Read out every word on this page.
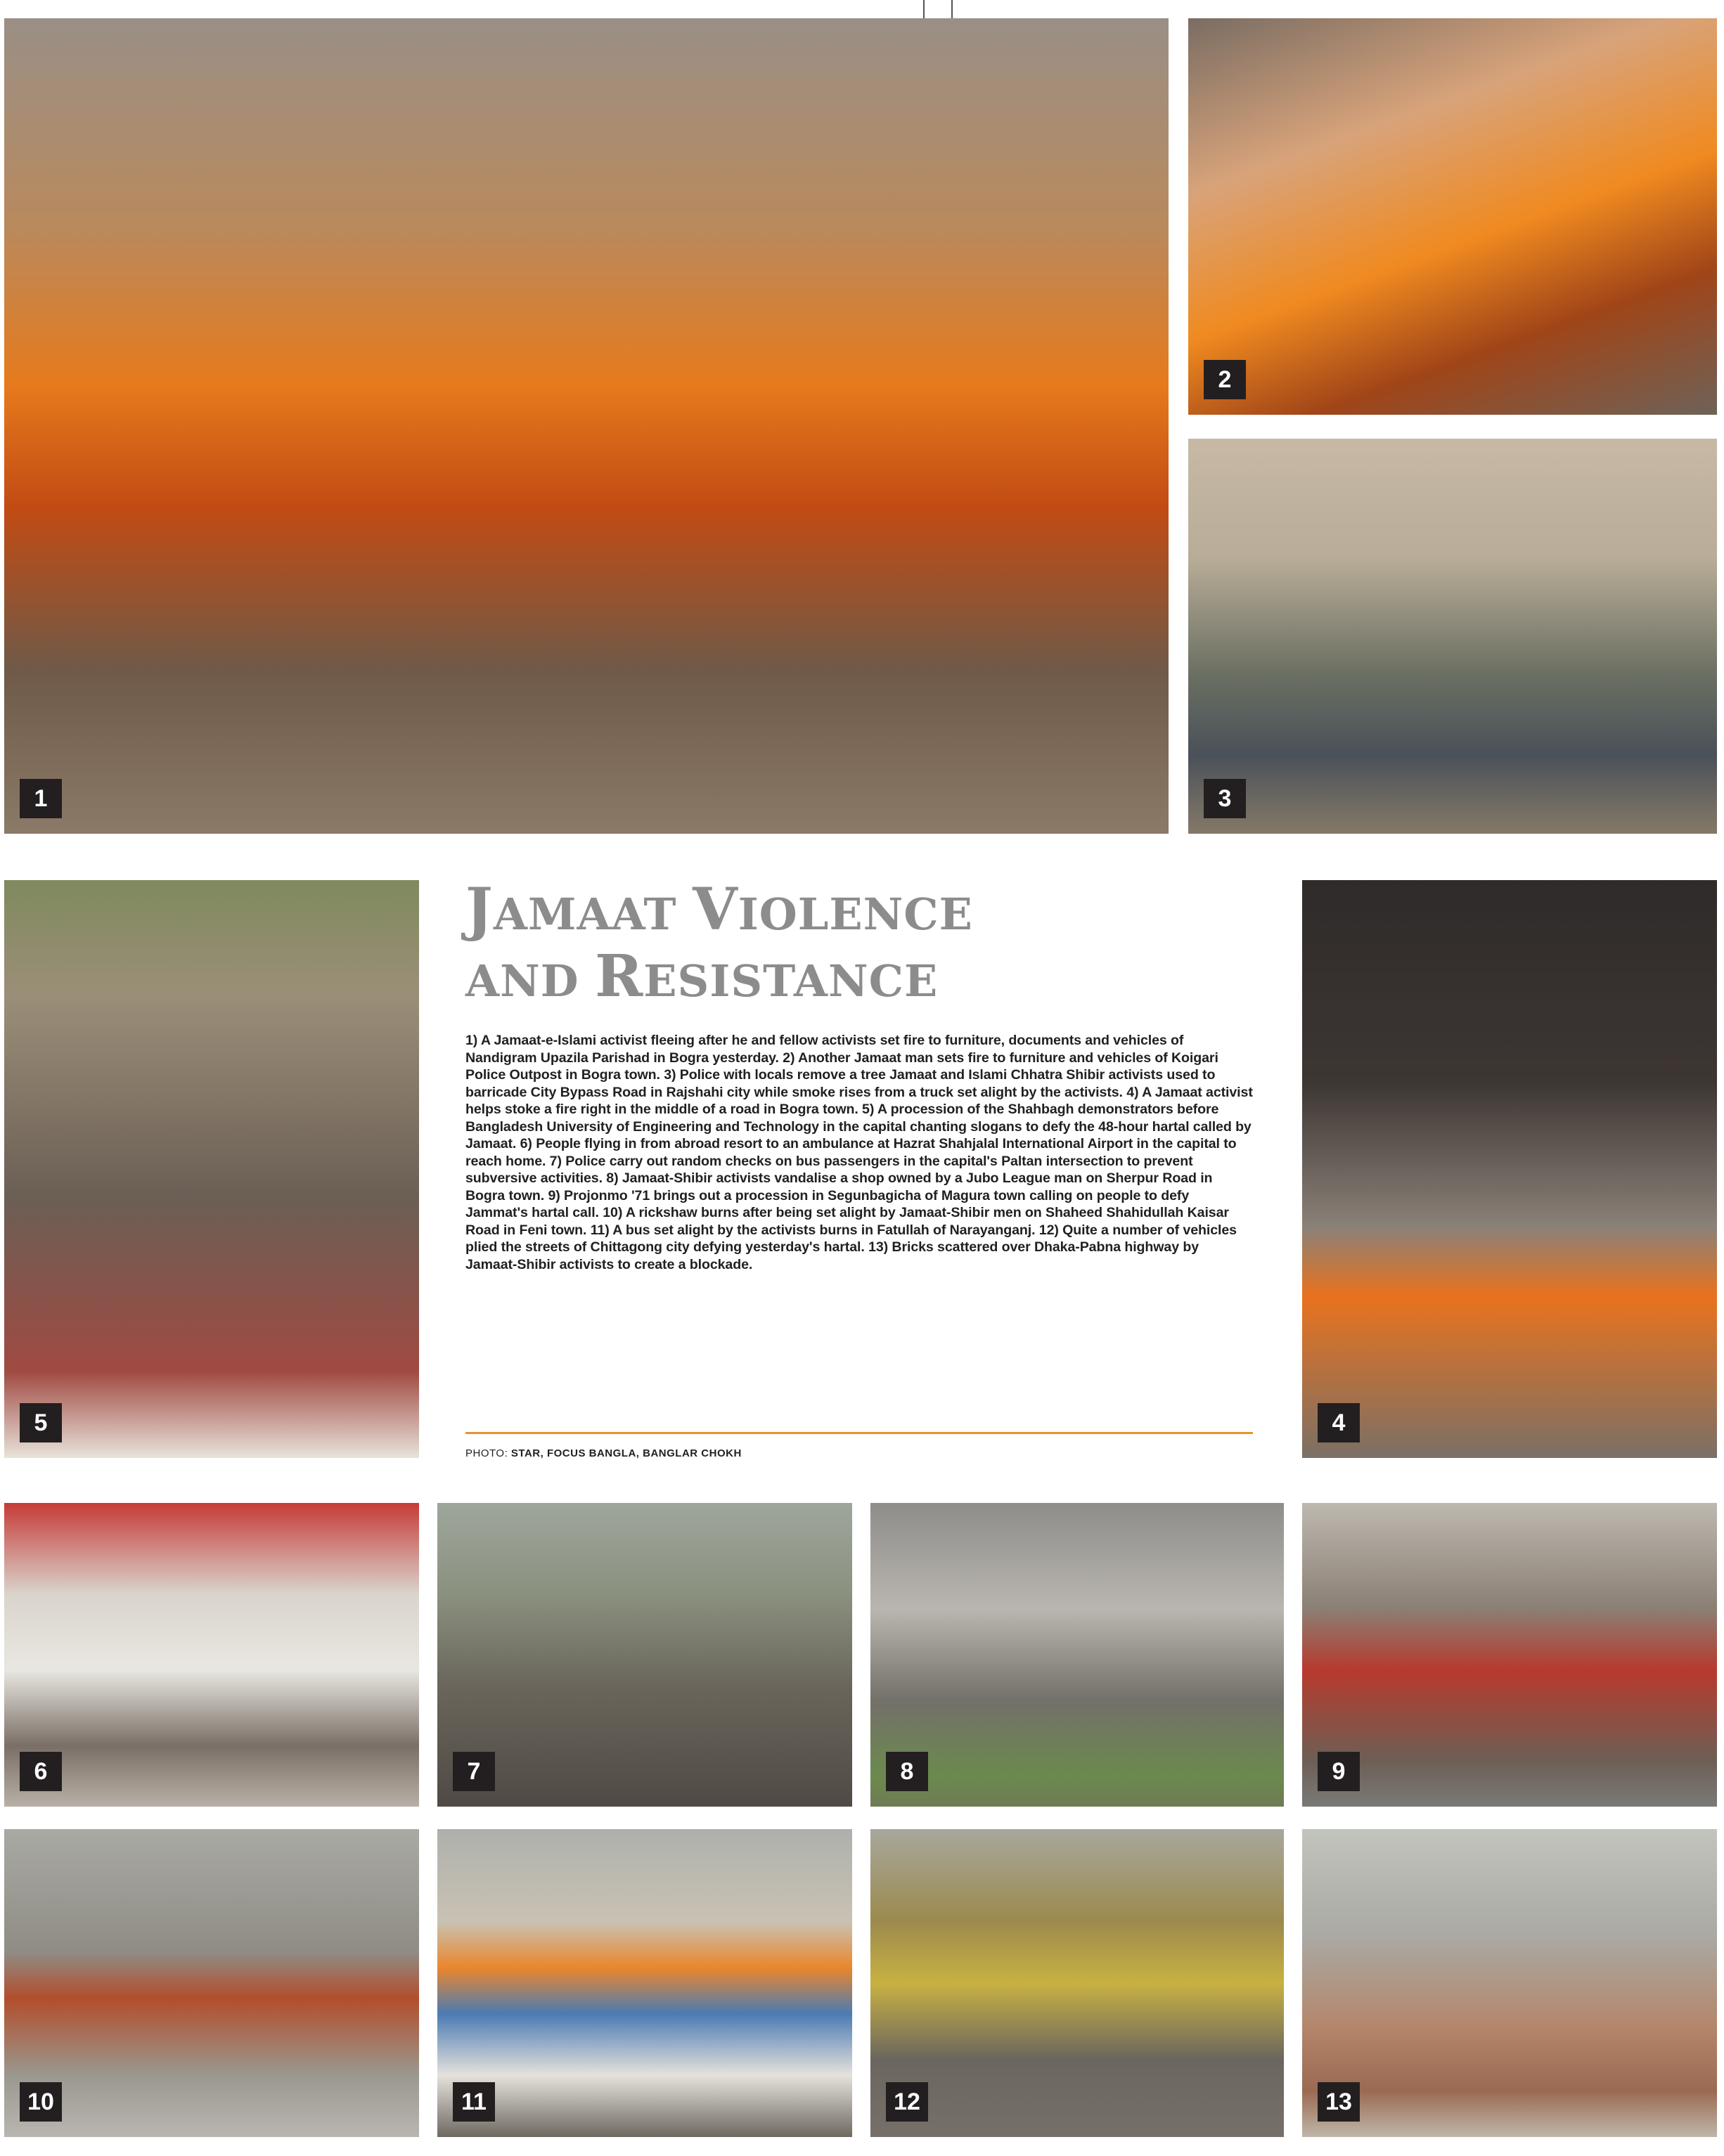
1
2
3
5
JAMAAT VIOLENCE
AND RESISTANCE

1) A Jamaat-e-Islami activist fleeing after he and fellow activists set fire to furniture, documents and vehicles of Nandigram Upazila Parishad in Bogra yesterday. 2) Another Jamaat man sets fire to furniture and vehicles of Koigari Police Outpost in Bogra town. 3) Police with locals remove a tree Jamaat and Islami Chhatra Shibir activists used to barricade City Bypass Road in Rajshahi city while smoke rises from a truck set alight by the activists. 4) A Jamaat activist helps stoke a fire right in the middle of a road in Bogra town. 5) A procession of the Shahbagh demonstrators before Bangladesh University of Engineering and Technology in the capital chanting slogans to defy the 48-hour hartal called by Jamaat. 6) People flying in from abroad resort to an ambulance at Hazrat Shahjalal International Airport in the capital to reach home. 7) Police carry out random checks on bus passengers in the capital's Paltan intersection to prevent subversive activities. 8) Jamaat-Shibir activists vandalise a shop owned by a Jubo League man on Sherpur Road in Bogra town. 9) Projonmo '71 brings out a procession in Segunbagicha of Magura town calling on people to defy Jammat's hartal call. 10) A rickshaw burns after being set alight by Jamaat-Shibir men on Shaheed Shahidullah Kaisar Road in Feni town. 11) A bus set alight by the activists burns in Fatullah of Narayanganj. 12) Quite a number of vehicles plied the streets of Chittagong city defying yesterday's hartal. 13) Bricks scattered over Dhaka-Pabna highway by Jamaat-Shibir activists to create a blockade.

PHOTO: STAR, FOCUS BANGLA, BANGLAR CHOKH

4
6	7	8	9
10	11	12	13
